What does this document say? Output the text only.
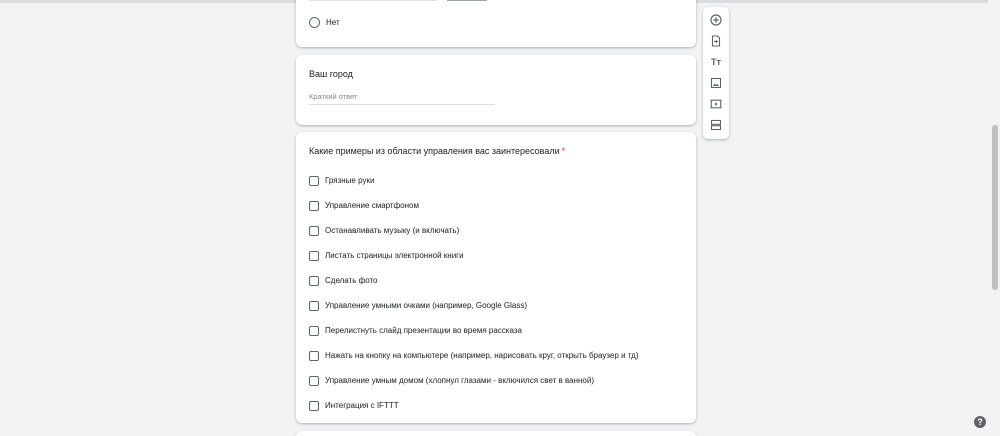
Нет
Ваш город
Краткий ответ
Какие примеры из области управления вас заинтересовали *
Грязные руки
Управление смартфоном
Останавливать музыку (и включать)
Листать страницы электронной книги
Сделать фото
Управление умными очками (например, Google Glass)
Перелистнуть слайд презентации во время рассказа
Нажать на кнопку на компьютере (например, нарисовать круг, открыть браузер и тд)
Управление умным домом (хлопнул глазами - включился свет в ванной)
Интеграция с IFTTT
Tт
?
